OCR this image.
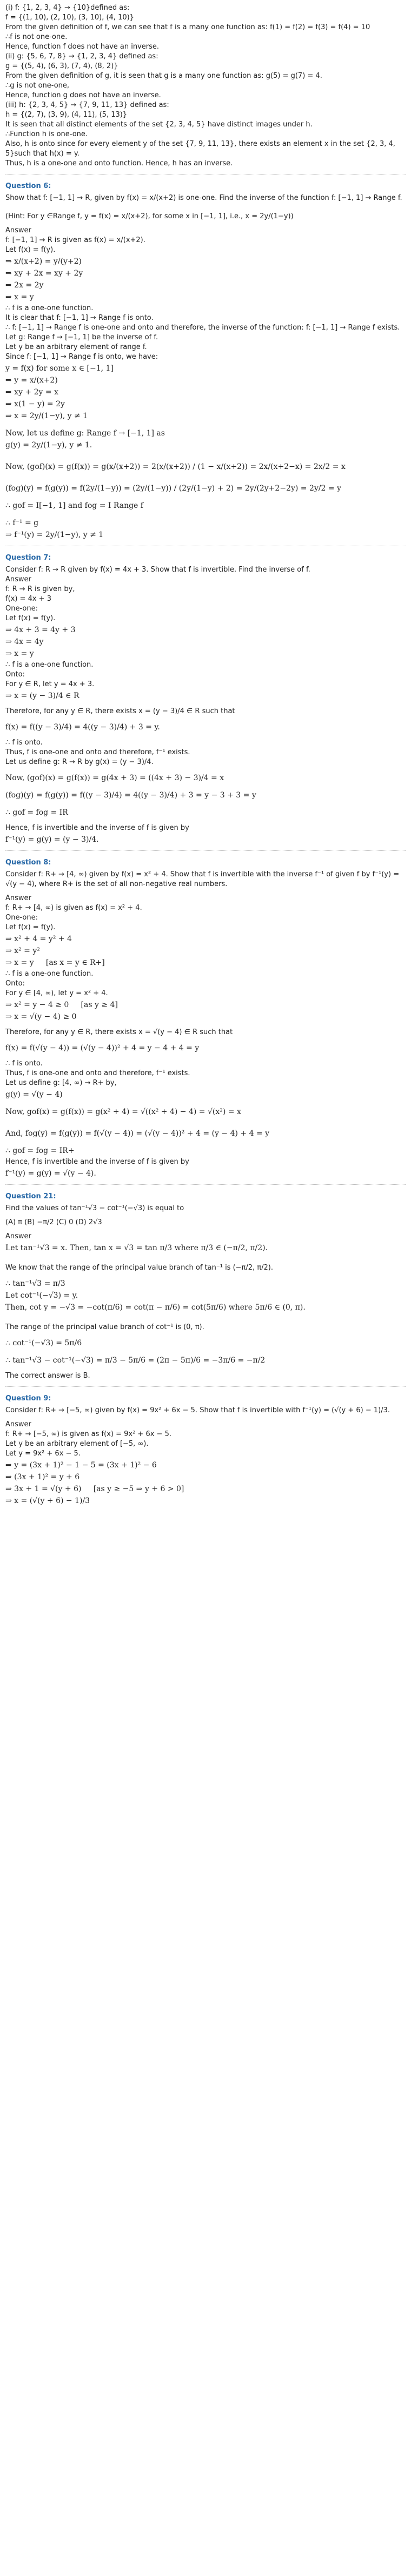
(i) f: {1, 2, 3, 4} → {10}defined as:

f = {(1, 10), (2, 10), (3, 10), (4, 10)}

From the given definition of f, we can see that f is a many one function as: f(1) = f(2) = f(3) = f(4) = 10

∴f is not one-one.

Hence, function f does not have an inverse.

(ii) g: {5, 6, 7, 8} → {1, 2, 3, 4} defined as:

g = {(5, 4), (6, 3), (7, 4), (8, 2)}

From the given definition of g, it is seen that g is a many one function as: g(5) = g(7) = 4.

∴g is not one-one,

Hence, function g does not have an inverse.

(iii) h: {2, 3, 4, 5} → {7, 9, 11, 13} defined as:

h = {(2, 7), (3, 9), (4, 11), (5, 13)}

It is seen that all distinct elements of the set {2, 3, 4, 5} have distinct images under h.

∴Function h is one-one.

Also, h is onto since for every element y of the set {7, 9, 11, 13}, there exists an element x in the set {2, 3, 4, 5}such that h(x) = y.

Thus, h is a one-one and onto function. Hence, h has an inverse.

Question 6:

Show that f: [−1, 1] → R, given by f(x) = x/(x+2) is one-one. Find the inverse of the function f: [−1, 1] → Range f.

(Hint: For y ∈Range f, y = f(x) = x/(x+2), for some x in [−1, 1], i.e., x = 2y/(1−y))

Answer

f: [−1, 1] → R is given as f(x) = x/(x+2).

Let f(x) = f(y).

⇒ x/(x+2) = y/(y+2)

⇒ xy + 2x = xy + 2y

⇒ 2x = 2y

⇒ x = y

∴ f is a one-one function.

It is clear that f: [−1, 1] → Range f is onto.

∴ f: [−1, 1] → Range f is one-one and onto and therefore, the inverse of the function: f: [−1, 1] → Range f exists.

Let g: Range f → [−1, 1] be the inverse of f.

Let y be an arbitrary element of range f.

Since f: [−1, 1] → Range f is onto, we have:

y = f(x) for some x ∈ [−1, 1]

⇒ y = x/(x+2)

⇒ xy + 2y = x

⇒ x(1 − y) = 2y

⇒ x = 2y/(1−y), y ≠ 1

Now, let us define g: Range f → [−1, 1] as

g(y) = 2y/(1−y), y ≠ 1.

Now, (gof)(x) = g(f(x)) = g(x/(x+2)) = 2(x/(x+2)) / (1 − x/(x+2)) = 2x/(x+2−x) = 2x/2 = x

(fog)(y) = f(g(y)) = f(2y/(1−y)) = (2y/(1−y)) / (2y/(1−y) + 2) = 2y/(2y+2−2y) = 2y/2 = y

∴ gof = I[−1, 1] and fog = I Range f

∴ f⁻¹ = g

⇒ f⁻¹(y) = 2y/(1−y), y ≠ 1

Question 7:

Consider f: R → R given by f(x) = 4x + 3. Show that f is invertible. Find the inverse of f.

Answer

f: R → R is given by,

f(x) = 4x + 3

One-one:

Let f(x) = f(y).

⇒ 4x + 3 = 4y + 3

⇒ 4x = 4y

⇒ x = y

∴ f is a one-one function.

Onto:

For y ∈ R, let y = 4x + 3.

⇒ x = (y − 3)/4 ∈ R

Therefore, for any y ∈ R, there exists x = (y − 3)/4 ∈ R such that

f(x) = f((y − 3)/4) = 4((y − 3)/4) + 3 = y.

∴ f is onto.

Thus, f is one-one and onto and therefore, f⁻¹ exists.

Let us define g: R → R by g(x) = (y − 3)/4.

Now, (gof)(x) = g(f(x)) = g(4x + 3) = ((4x + 3) − 3)/4 = x

(fog)(y) = f(g(y)) = f((y − 3)/4) = 4((y − 3)/4) + 3 = y − 3 + 3 = y

∴ gof = fog = IR

Hence, f is invertible and the inverse of f is given by

f⁻¹(y) = g(y) = (y − 3)/4.

Question 8:

Consider f: R+ → [4, ∞) given by f(x) = x² + 4. Show that f is invertible with the inverse f⁻¹ of given f by f⁻¹(y) = √(y − 4), where R+ is the set of all non-negative real numbers.

Answer

f: R+ → [4, ∞) is given as f(x) = x² + 4.

One-one:

Let f(x) = f(y).

⇒ x² + 4 = y² + 4

⇒ x² = y²

⇒ x = y     [as x = y ∈ R+]

∴ f is a one-one function.

Onto:

For y ∈ [4, ∞), let y = x² + 4.

⇒ x² = y − 4 ≥ 0     [as y ≥ 4]

⇒ x = √(y − 4) ≥ 0

Therefore, for any y ∈ R, there exists x = √(y − 4) ∈ R such that

f(x) = f(√(y − 4)) = (√(y − 4))² + 4 = y − 4 + 4 = y

∴ f is onto.

Thus, f is one-one and onto and therefore, f⁻¹ exists.

Let us define g: [4, ∞) → R+ by,

g(y) = √(y − 4)

Now, gof(x) = g(f(x)) = g(x² + 4) = √((x² + 4) − 4) = √(x²) = x

And, fog(y) = f(g(y)) = f(√(y − 4)) = (√(y − 4))² + 4 = (y − 4) + 4 = y

∴ gof = fog = IR+

Hence, f is invertible and the inverse of f is given by

f⁻¹(y) = g(y) = √(y − 4).

Question 21:

Find the values of tan⁻¹√3 − cot⁻¹(−√3) is equal to

(A) π (B) −π/2 (C) 0 (D) 2√3

Answer

Let tan⁻¹√3 = x. Then, tan x = √3 = tan π/3 where π/3 ∈ (−π/2, π/2).

We know that the range of the principal value branch of tan⁻¹ is (−π/2, π/2).

∴ tan⁻¹√3 = π/3

Let cot⁻¹(−√3) = y.

Then, cot y = −√3 = −cot(π/6) = cot(π − π/6) = cot(5π/6) where 5π/6 ∈ (0, π).

The range of the principal value branch of cot⁻¹ is (0, π).

∴ cot⁻¹(−√3) = 5π/6

∴ tan⁻¹√3 − cot⁻¹(−√3) = π/3 − 5π/6 = (2π − 5π)/6 = −3π/6 = −π/2

The correct answer is B.

Question 9:

Consider f: R+ → [−5, ∞) given by f(x) = 9x² + 6x − 5. Show that f is invertible with f⁻¹(y) = (√(y + 6) − 1)/3.

Answer

f: R+ → [−5, ∞) is given as f(x) = 9x² + 6x − 5.

Let y be an arbitrary element of [−5, ∞).

Let y = 9x² + 6x − 5.

⇒ y = (3x + 1)² − 1 − 5 = (3x + 1)² − 6

⇒ (3x + 1)² = y + 6

⇒ 3x + 1 = √(y + 6)     [as y ≥ −5 ⇒ y + 6 > 0]

⇒ x = (√(y + 6) − 1)/3
